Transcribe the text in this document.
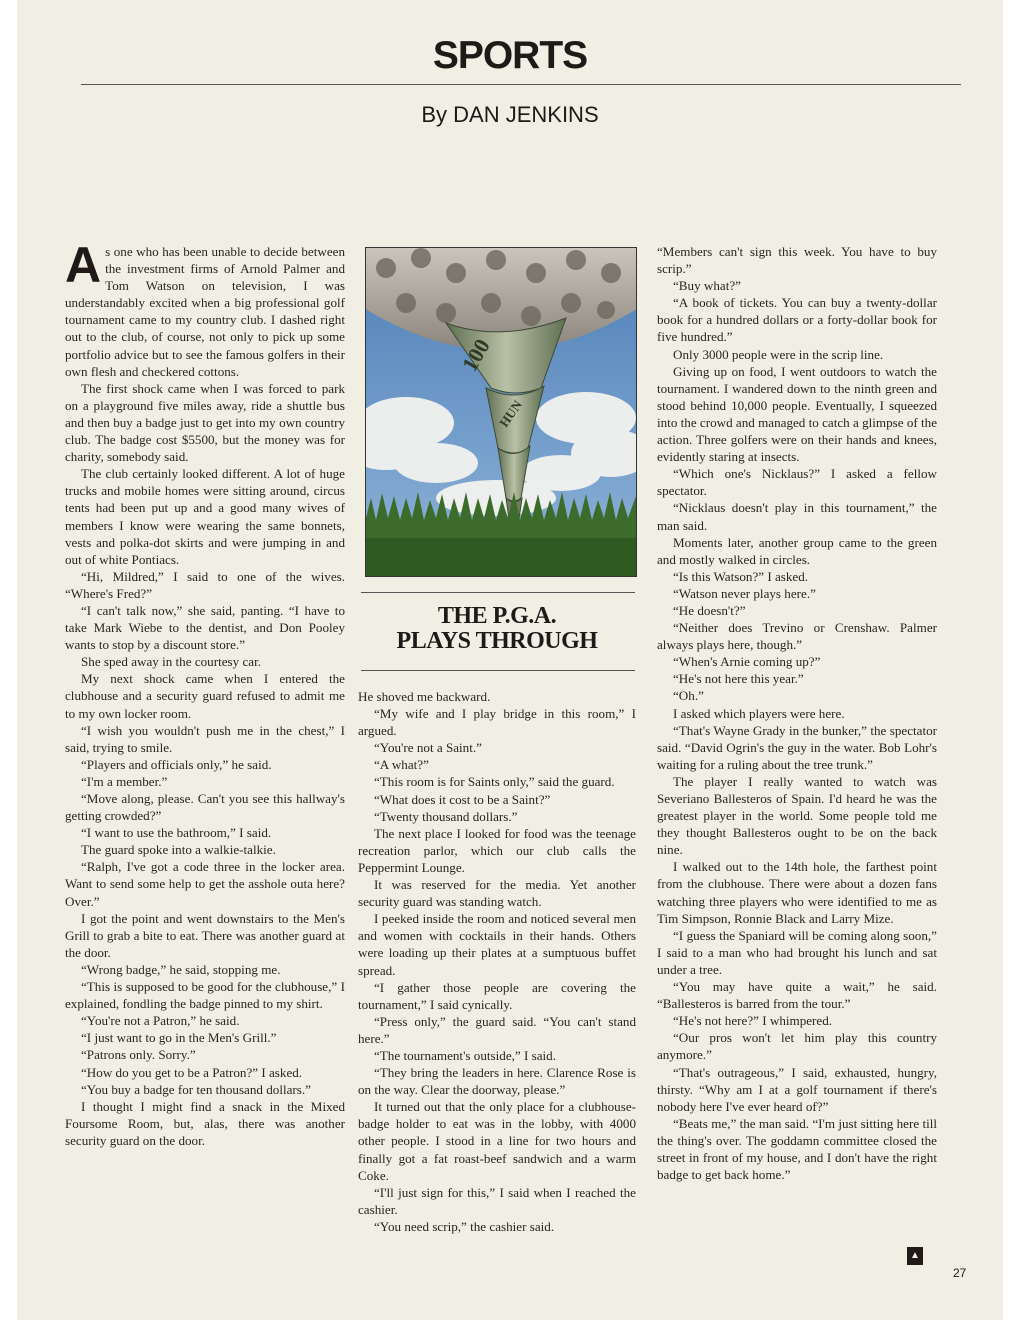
SPORTS
By DAN JENKINS
A s one who has been unable to decide between the investment firms of Arnold Palmer and Tom Watson on television, I was understandably excited when a big professional golf tournament came to my country club. I dashed right out to the club, of course, not only to pick up some portfolio advice but to see the famous golfers in their own flesh and checkered cottons.

The first shock came when I was forced to park on a playground five miles away, ride a shuttle bus and then buy a badge just to get into my own country club. The badge cost $5500, but the money was for charity, somebody said.

The club certainly looked different. A lot of huge trucks and mobile homes were sitting around, circus tents had been put up and a good many wives of members I know were wearing the same bonnets, vests and polka-dot skirts and were jumping in and out of white Pontiacs.

“Hi, Mildred,” I said to one of the wives. “Where's Fred?”

“I can't talk now,” she said, panting. “I have to take Mark Wiebe to the dentist, and Don Pooley wants to stop by a discount store.”

She sped away in the courtesy car.

My next shock came when I entered the clubhouse and a security guard refused to admit me to my own locker room.

“I wish you wouldn't push me in the chest,” I said, trying to smile.

“Players and officials only,” he said.

“I'm a member.”

“Move along, please. Can't you see this hallway's getting crowded?”

“I want to use the bathroom,” I said.

The guard spoke into a walkie-talkie.

“Ralph, I've got a code three in the locker area. Want to send some help to get the asshole outa here? Over.”

I got the point and went downstairs to the Men's Grill to grab a bite to eat. There was another guard at the door.

“Wrong badge,” he said, stopping me.

“This is supposed to be good for the clubhouse,” I explained, fondling the badge pinned to my shirt.

“You're not a Patron,” he said.

“I just want to go in the Men's Grill.”

“Patrons only. Sorry.”

“How do you get to be a Patron?” I asked.

“You buy a badge for ten thousand dollars.”

I thought I might find a snack in the Mixed Foursome Room, but, alas, there was another security guard on the door.

100
HUN
THE P.G.A.
PLAYS THROUGH

He shoved me backward.

“My wife and I play bridge in this room,” I argued.

“You're not a Saint.”

“A what?”

“This room is for Saints only,” said the guard.

“What does it cost to be a Saint?”

“Twenty thousand dollars.”

The next place I looked for food was the teenage recreation parlor, which our club calls the Peppermint Lounge.

It was reserved for the media. Yet another security guard was standing watch.

I peeked inside the room and noticed several men and women with cocktails in their hands. Others were loading up their plates at a sumptuous buffet spread.

“I gather those people are covering the tournament,” I said cynically.

“Press only,” the guard said. “You can't stand here.”

“The tournament's outside,” I said.

“They bring the leaders in here. Clarence Rose is on the way. Clear the doorway, please.”

It turned out that the only place for a clubhouse-badge holder to eat was in the lobby, with 4000 other people. I stood in a line for two hours and finally got a fat roast-beef sandwich and a warm Coke.

“I'll just sign for this,” I said when I reached the cashier.

“You need scrip,” the cashier said.

“Members can't sign this week. You have to buy scrip.”

“Buy what?”

“A book of tickets. You can buy a twenty-dollar book for a hundred dollars or a forty-dollar book for five hundred.”

Only 3000 people were in the scrip line.

Giving up on food, I went outdoors to watch the tournament. I wandered down to the ninth green and stood behind 10,000 people. Eventually, I squeezed into the crowd and managed to catch a glimpse of the action. Three golfers were on their hands and knees, evidently staring at insects.

“Which one's Nicklaus?” I asked a fellow spectator.

“Nicklaus doesn't play in this tournament,” the man said.

Moments later, another group came to the green and mostly walked in circles.

“Is this Watson?” I asked.

“Watson never plays here.”

“He doesn't?”

“Neither does Trevino or Crenshaw. Palmer always plays here, though.”

“When's Arnie coming up?”

“He's not here this year.”

“Oh.”

I asked which players were here.

“That's Wayne Grady in the bunker,” the spectator said. “David Ogrin's the guy in the water. Bob Lohr's waiting for a ruling about the tree trunk.”

The player I really wanted to watch was Severiano Ballesteros of Spain. I'd heard he was the greatest player in the world. Some people told me they thought Ballesteros ought to be on the back nine.

I walked out to the 14th hole, the farthest point from the clubhouse. There were about a dozen fans watching three players who were identified to me as Tim Simpson, Ronnie Black and Larry Mize.

“I guess the Spaniard will be coming along soon,” I said to a man who had brought his lunch and sat under a tree.

“You may have quite a wait,” he said. “Ballesteros is barred from the tour.”

“He's not here?” I whimpered.

“Our pros won't let him play this country anymore.”

“That's outrageous,” I said, exhausted, hungry, thirsty. “Why am I at a golf tournament if there's nobody here I've ever heard of?”

“Beats me,” the man said. “I'm just sitting here till the thing's over. The goddamn committee closed the street in front of my house, and I don't have the right badge to get back home.”

▲
27
